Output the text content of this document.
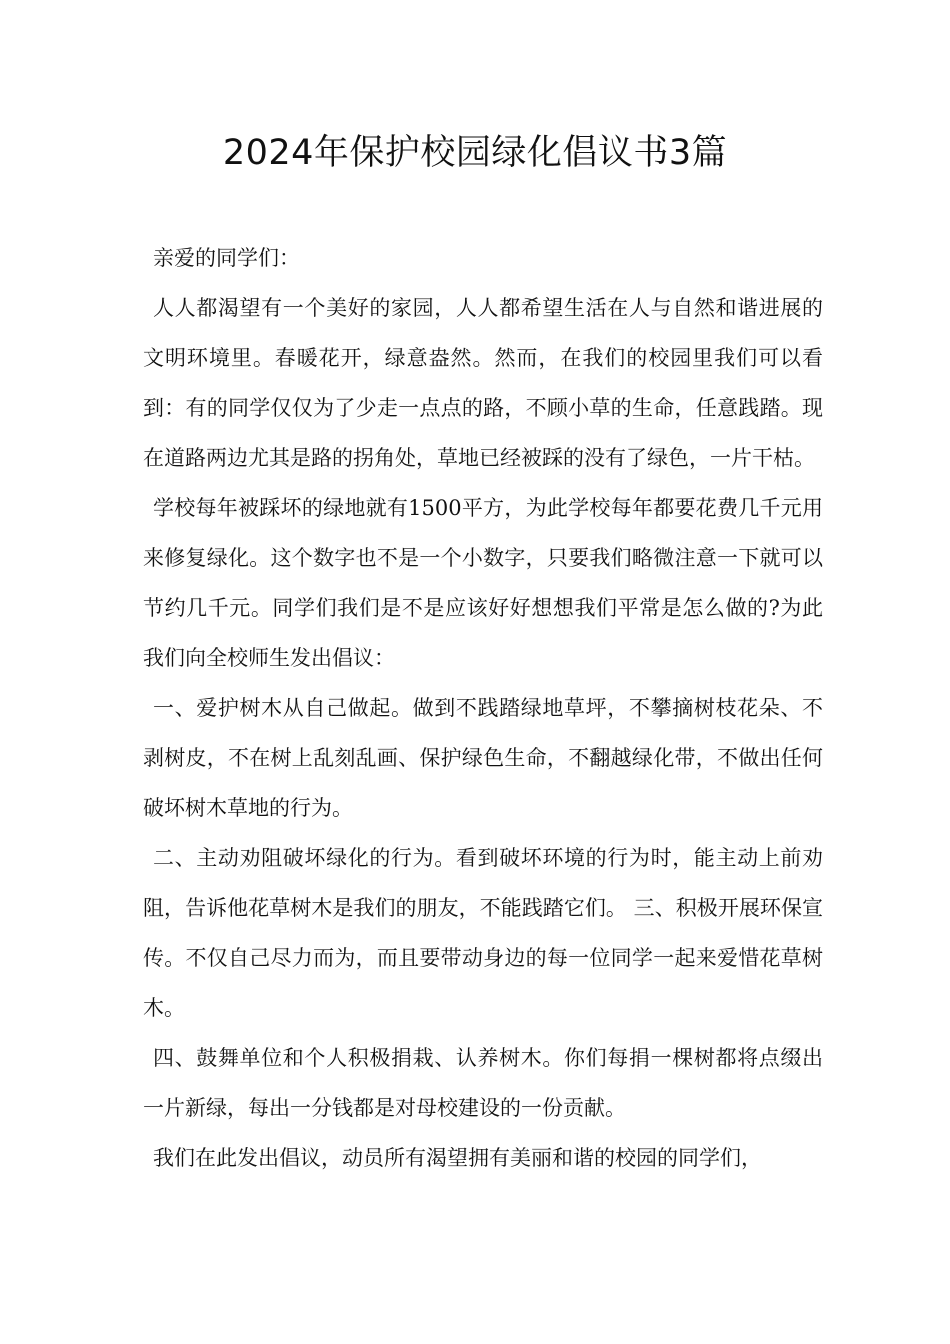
2024年保护校园绿化倡议书3篇

亲爱的同学们：

人人都渴望有一个美好的家园，人人都希望生活在人与自然和谐进展的文明环境里。春暖花开，绿意盎然。然而，在我们的校园里我们可以看到：有的同学仅仅为了少走一点点的路，不顾小草的生命，任意践踏。现在道路两边尤其是路的拐角处，草地已经被踩的没有了绿色，一片干枯。

学校每年被踩坏的绿地就有1500平方，为此学校每年都要花费几千元用来修复绿化。这个数字也不是一个小数字，只要我们略微注意一下就可以节约几千元。同学们我们是不是应该好好想想我们平常是怎么做的?为此我们向全校师生发出倡议：

一、爱护树木从自己做起。做到不践踏绿地草坪，不攀摘树枝花朵、不剥树皮，不在树上乱刻乱画、保护绿色生命，不翻越绿化带，不做出任何破坏树木草地的行为。

二、主动劝阻破坏绿化的行为。看到破坏环境的行为时，能主动上前劝阻，告诉他花草树木是我们的朋友，不能践踏它们。 三、积极开展环保宣传。不仅自己尽力而为，而且要带动身边的每一位同学一起来爱惜花草树木。

四、鼓舞单位和个人积极捐栽、认养树木。你们每捐一棵树都将点缀出一片新绿，每出一分钱都是对母校建设的一份贡献。

我们在此发出倡议，动员所有渴望拥有美丽和谐的校园的同学们，
